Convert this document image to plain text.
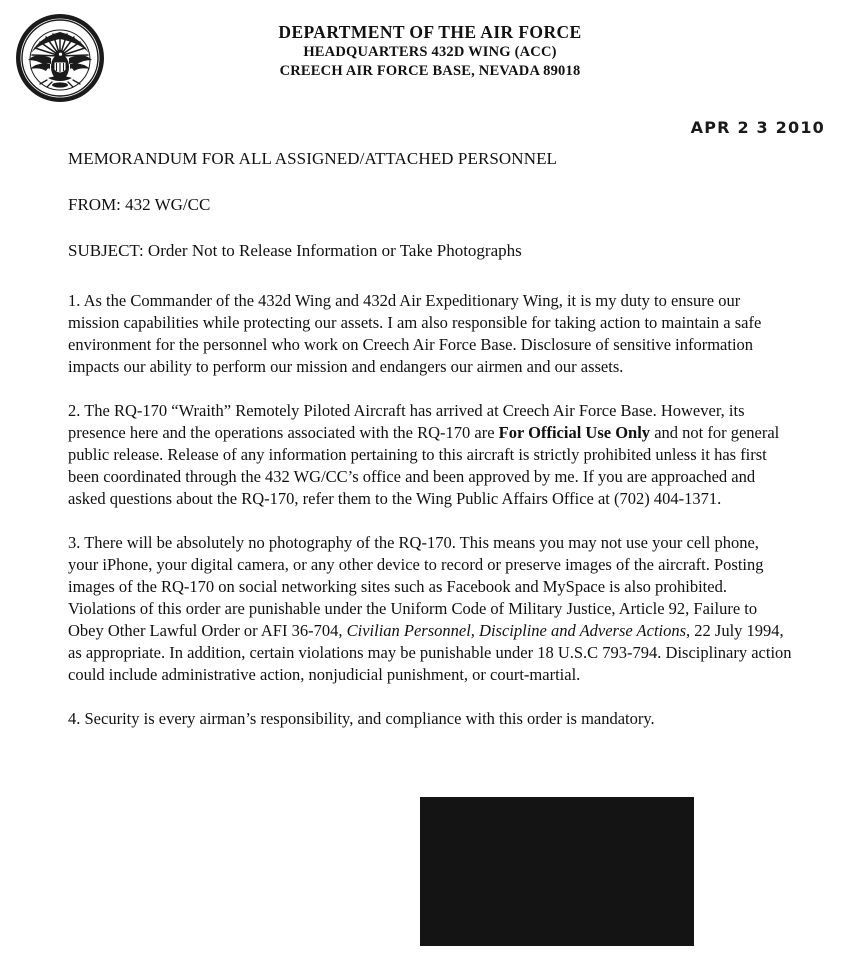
DEPARTMENT OF THE AIR FORCE
HEADQUARTERS 432D WING (ACC)
CREECH AIR FORCE BASE, NEVADA 89018
APR 2 3 2010
MEMORANDUM FOR ALL ASSIGNED/ATTACHED PERSONNEL
FROM: 432 WG/CC
SUBJECT: Order Not to Release Information or Take Photographs

1. As the Commander of the 432d Wing and 432d Air Expeditionary Wing, it is my duty to ensure our mission capabilities while protecting our assets. I am also responsible for taking action to maintain a safe environment for the personnel who work on Creech Air Force Base. Disclosure of sensitive information impacts our ability to perform our mission and endangers our airmen and our assets.

2. The RQ-170 “Wraith” Remotely Piloted Aircraft has arrived at Creech Air Force Base. However, its presence here and the operations associated with the RQ-170 are For Official Use Only and not for general public release. Release of any information pertaining to this aircraft is strictly prohibited unless it has first been coordinated through the 432 WG/CC’s office and been approved by me. If you are approached and asked questions about the RQ-170, refer them to the Wing Public Affairs Office at (702) 404-1371.

3. There will be absolutely no photography of the RQ-170. This means you may not use your cell phone, your iPhone, your digital camera, or any other device to record or preserve images of the aircraft. Posting images of the RQ-170 on social networking sites such as Facebook and MySpace is also prohibited. Violations of this order are punishable under the Uniform Code of Military Justice, Article 92, Failure to Obey Other Lawful Order or AFI 36-704, Civilian Personnel, Discipline and Adverse Actions, 22 July 1994, as appropriate. In addition, certain violations may be punishable under 18 U.S.C 793-794. Disciplinary action could include administrative action, nonjudicial punishment, or court-martial.

4. Security is every airman’s responsibility, and compliance with this order is mandatory.
